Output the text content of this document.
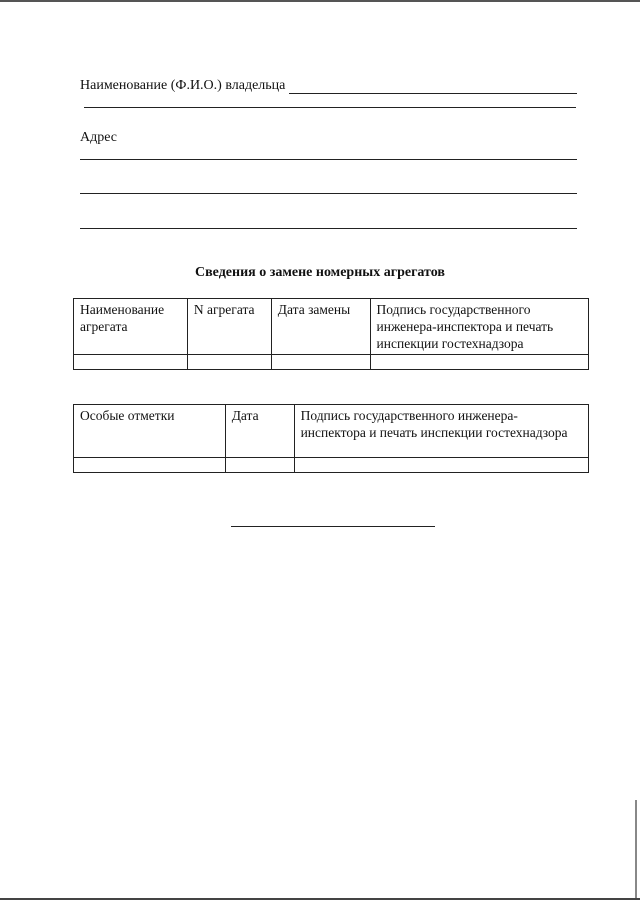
Наименование (Ф.И.О.) владельца
Адрес
Сведения о замене номерных агрегатов
Наименование агрегата	N агрегата	Дата замены	Подпись государственного инженера-инспектора и печать инспекции гостехнадзора

Особые отметки	Дата	Подпись государственного инженера-инспектора и печать инспекции гостехнадзора
